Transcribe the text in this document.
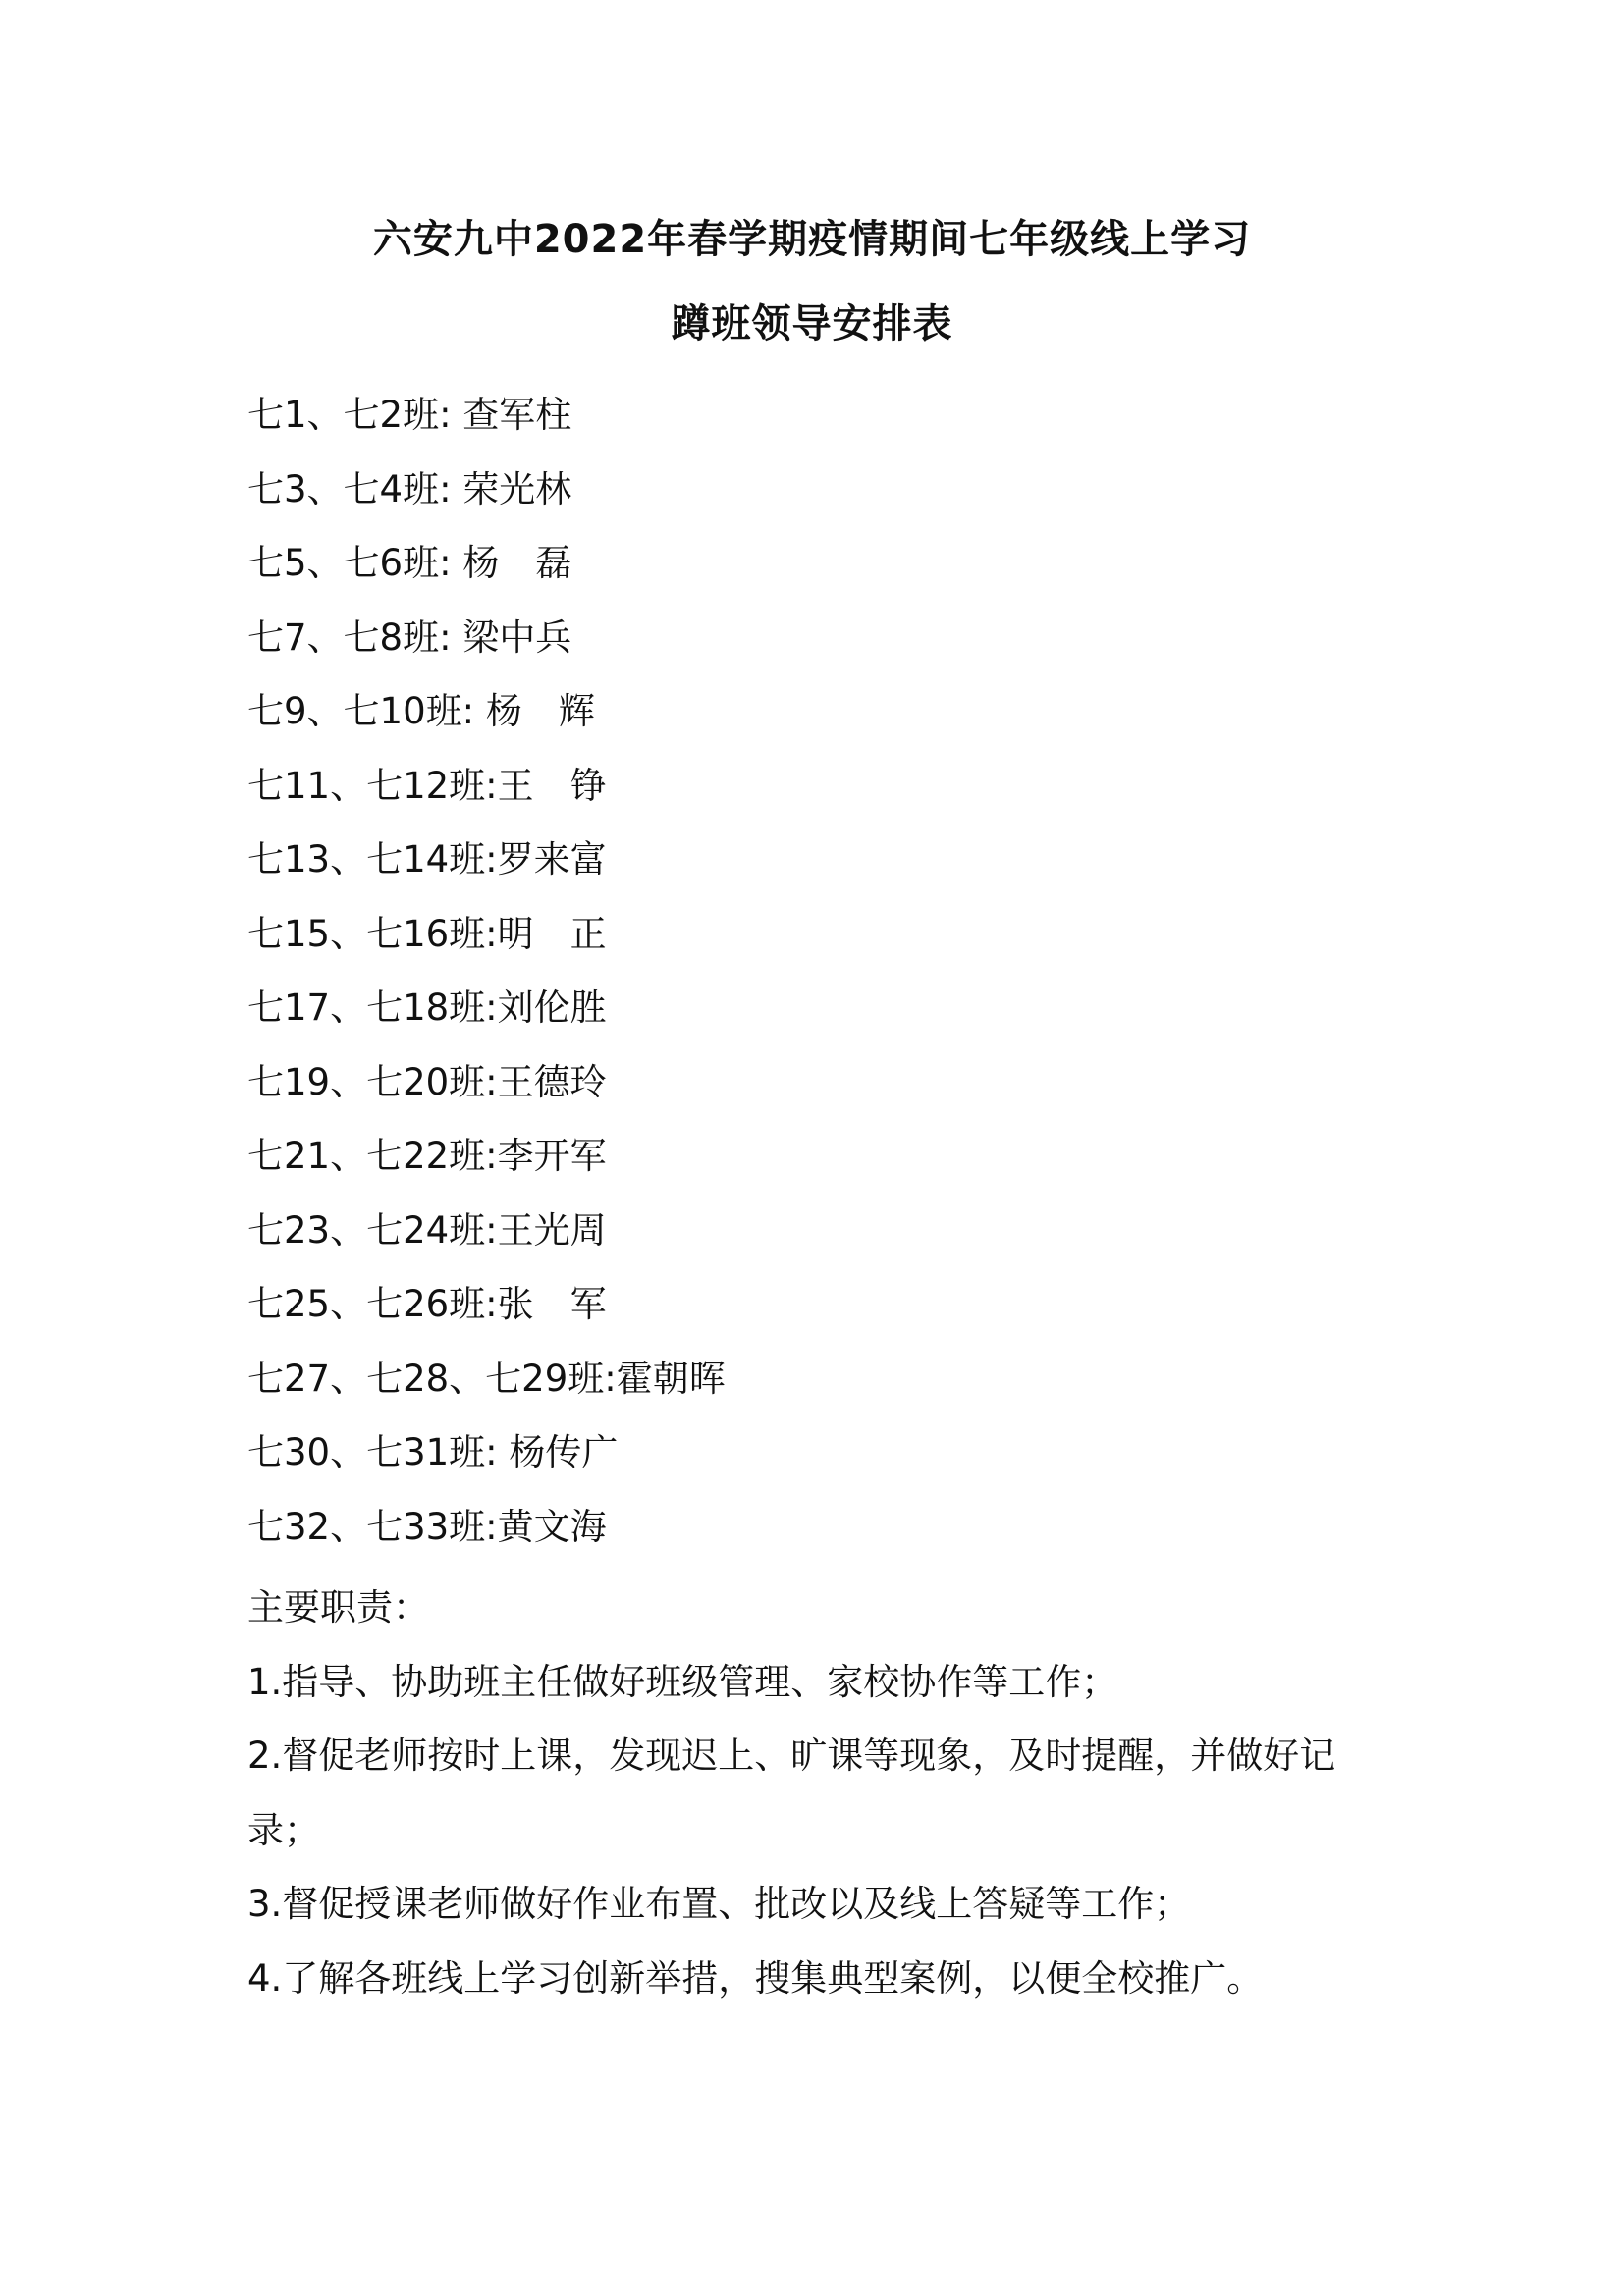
六安九中2022年春学期疫情期间七年级线上学习
蹲班领导安排表
七1、七2班: 查军柱
七3、七4班: 荣光林
七5、七6班: 杨　磊
七7、七8班: 梁中兵
七9、七10班: 杨　辉
七11、七12班:王　铮
七13、七14班:罗来富
七15、七16班:明　正
七17、七18班:刘伦胜
七19、七20班:王德玲
七21、七22班:李开军
七23、七24班:王光周
七25、七26班:张　军
七27、七28、七29班:霍朝晖
七30、七31班: 杨传广
七32、七33班:黄文海
主要职责：
1.指导、协助班主任做好班级管理、家校协作等工作；
2.督促老师按时上课，发现迟上、旷课等现象，及时提醒，并做好记录；
3.督促授课老师做好作业布置、批改以及线上答疑等工作；
4.了解各班线上学习创新举措，搜集典型案例，以便全校推广。
